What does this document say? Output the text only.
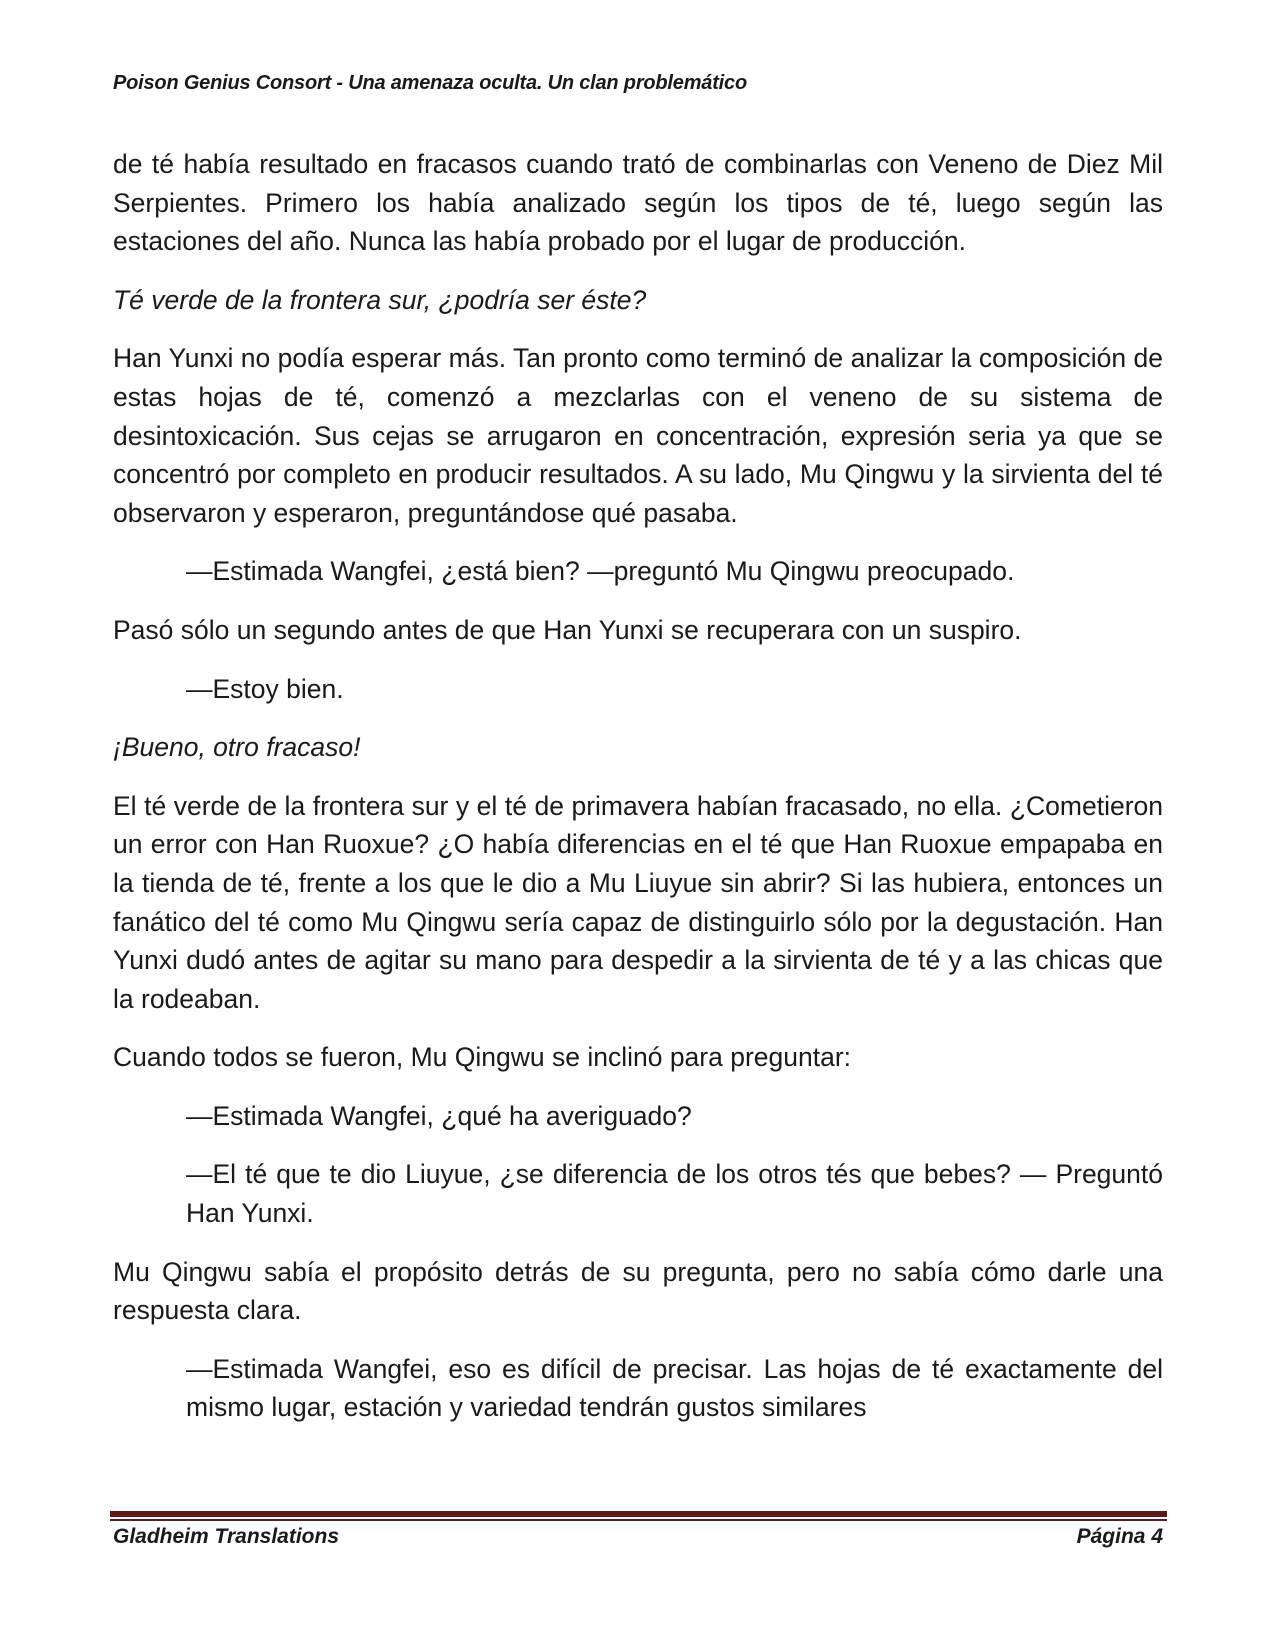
Poison Genius Consort - Una amenaza oculta. Un clan problemático

de té había resultado en fracasos cuando trató de combinarlas con Veneno de Diez Mil Serpientes. Primero los había analizado según los tipos de té, luego según las estaciones del año. Nunca las había probado por el lugar de producción.

Té verde de la frontera sur, ¿podría ser éste?

Han Yunxi no podía esperar más. Tan pronto como terminó de analizar la composición de estas hojas de té, comenzó a mezclarlas con el veneno de su sistema de desintoxicación. Sus cejas se arrugaron en concentración, expresión seria ya que se concentró por completo en producir resultados. A su lado, Mu Qingwu y la sirvienta del té observaron y esperaron, preguntándose qué pasaba.

—Estimada Wangfei, ¿está bien? —preguntó Mu Qingwu preocupado.

Pasó sólo un segundo antes de que Han Yunxi se recuperara con un suspiro.

—Estoy bien.

¡Bueno, otro fracaso!

El té verde de la frontera sur y el té de primavera habían fracasado, no ella. ¿Cometieron un error con Han Ruoxue? ¿O había diferencias en el té que Han Ruoxue empapaba en la tienda de té, frente a los que le dio a Mu Liuyue sin abrir? Si las hubiera, entonces un fanático del té como Mu Qingwu sería capaz de distinguirlo sólo por la degustación. Han Yunxi dudó antes de agitar su mano para despedir a la sirvienta de té y a las chicas que la rodeaban.

Cuando todos se fueron, Mu Qingwu se inclinó para preguntar:

—Estimada Wangfei, ¿qué ha averiguado?

—El té que te dio Liuyue, ¿se diferencia de los otros tés que bebes? — Preguntó Han Yunxi.

Mu Qingwu sabía el propósito detrás de su pregunta, pero no sabía cómo darle una respuesta clara.

—Estimada Wangfei, eso es difícil de precisar. Las hojas de té exactamente del mismo lugar, estación y variedad tendrán gustos similares

Gladheim Translations	Página 4
